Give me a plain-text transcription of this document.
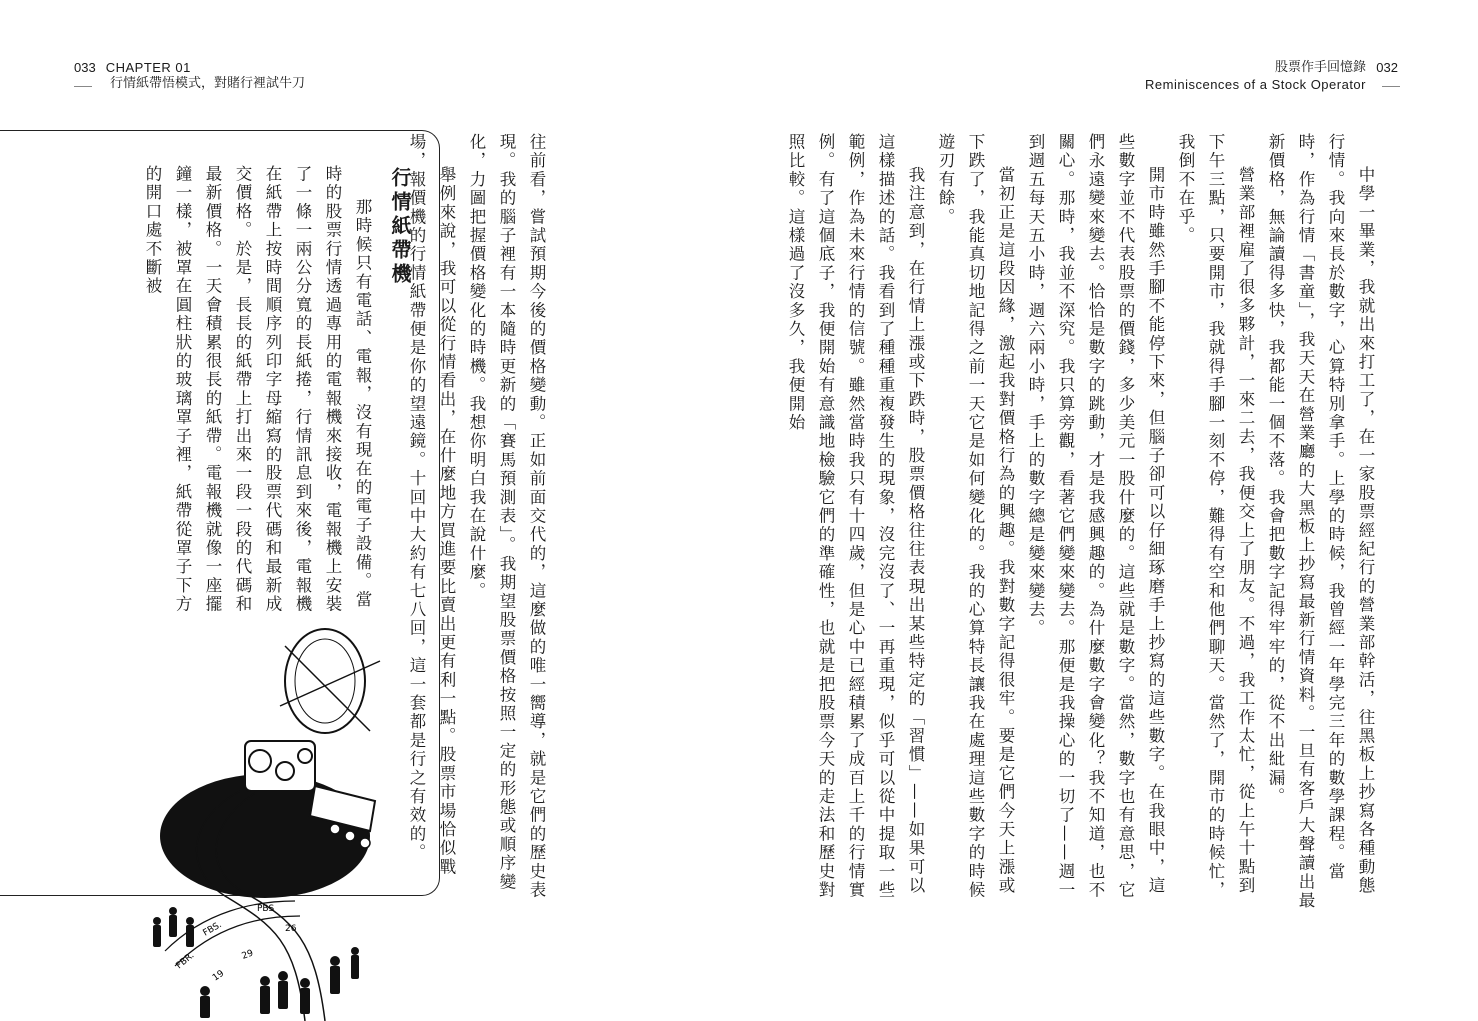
033 CHAPTER 01
行情紙帶悟模式，對賭行裡試牛刀
股票作手回憶錄 032
Reminiscences of a Stock Operator
行情紙帶機

那時候只有電話、電報，沒有現在的電子設備。當時的股票行情透過專用的電報機來接收，電報機上安裝了一條一兩公分寬的長紙捲，行情訊息到來後，電報機在紙帶上按時間順序列印字母縮寫的股票代碼和最新成交價格。於是，長長的紙帶上打出來一段一段的代碼和最新價格。一天會積累很長的紙帶。電報機就像一座擺鐘一樣，被罩在圓柱狀的玻璃罩子裡，紙帶從罩子下方的開口處不斷被

FBR.
FBS.
PBS
19
29
26

往前看，嘗試預期今後的價格變動。正如前面交代的，這麼做的唯一嚮導，就是它們的歷史表現。我的腦子裡有一本隨時更新的「賽馬預測表」。我期望股票價格按照一定的形態或順序變化，力圖把握價格變化的時機。我想你明白我在說什麼。

舉例來說，我可以從行情看出，在什麼地方買進要比賣出更有利一點。股票市場恰似戰場，報價機的行情紙帶便是你的望遠鏡。十回中大約有七八回，這一套都是行之有效的。	中學一畢業，我就出來打工了，在一家股票經紀行的營業部幹活，往黑板上抄寫各種動態行情。我向來長於數字，心算特別拿手。上學的時候，我曾經一年學完三年的數學課程。當時，作為行情「書童」，我天天在營業廳的大黑板上抄寫最新行情資料。一旦有客戶大聲讀出最新價格，無論讀得多快，我都能一個不落。我會把數字記得牢牢的，從不出紕漏。

營業部裡雇了很多夥計，一來二去，我便交上了朋友。不過，我工作太忙，從上午十點到下午三點，只要開市，我就得手腳一刻不停，難得有空和他們聊天。當然了，開市的時候忙，我倒不在乎。

開市時雖然手腳不能停下來，但腦子卻可以仔細琢磨手上抄寫的這些數字。在我眼中，這些數字並不代表股票的價錢，多少美元一股什麼的。這些就是數字。當然，數字也有意思，它們永遠變來變去。恰恰是數字的跳動，才是我感興趣的。為什麼數字會變化？我不知道，也不關心。那時，我並不深究。我只算旁觀，看著它們變來變去。那便是我操心的一切了——週一到週五每天五小時，週六兩小時，手上的數字總是變來變去。

當初正是這段因緣，激起我對價格行為的興趣。我對數字記得很牢。要是它們今天上漲或下跌了，我能真切地記得之前一天它是如何變化的。我的心算特長讓我在處理這些數字的時候遊刃有餘。

我注意到，在行情上漲或下跌時，股票價格往往表現出某些特定的「習慣」——如果可以這樣描述的話。我看到了種種重複發生的現象，沒完沒了、一再重現，似乎可以從中提取一些範例，作為未來行情的信號。雖然當時我只有十四歲，但是心中已經積累了成百上千的行情實例。有了這個底子，我便開始有意識地檢驗它們的準確性，也就是把股票今天的走法和歷史對照比較。這樣過了沒多久，我便開始
